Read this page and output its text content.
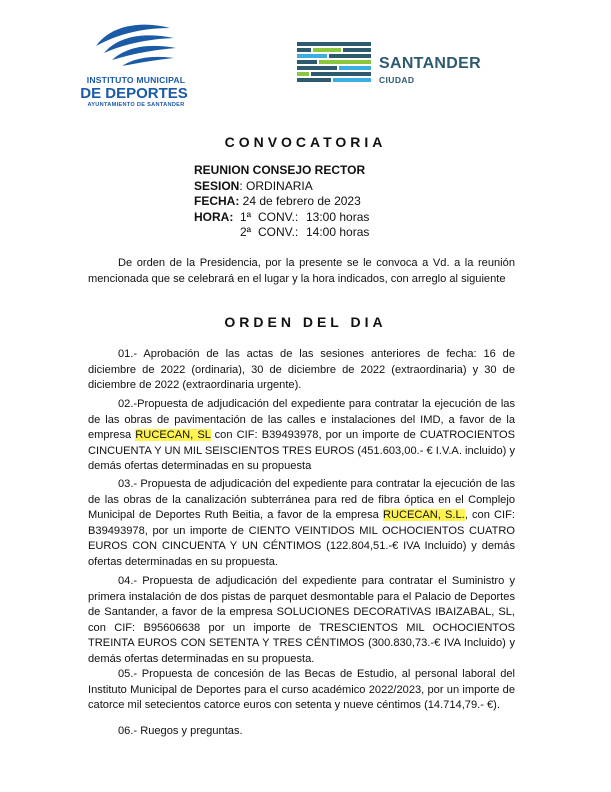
INSTITUTO MUNICIPAL
DE DEPORTES
AYUNTAMIENTO DE SANTANDER
SANTANDER
CIUDAD
CONVOCATORIA
REUNION CONSEJO RECTOR
SESION: ORDINARIA
FECHA: 24 de febrero de 2023
HORA: 1ª CONV.: 13:00 horas
2ª CONV.: 14:00 horas
De orden de la Presidencia, por la presente se le convoca a Vd. a la reunión mencionada que se celebrará en el lugar y la hora indicados, con arreglo al siguiente
ORDEN DEL DIA
01.- Aprobación de las actas de las sesiones anteriores de fecha: 16 de diciembre de 2022 (ordinaria), 30 de diciembre de 2022 (extraordinaria) y 30 de diciembre de 2022 (extraordinaria urgente).
02.-Propuesta de adjudicación del expediente para contratar la ejecución de las de las obras de pavimentación de las calles e instalaciones del IMD, a favor de la empresa RUCECAN, SL con CIF: B39493978, por un importe de CUATROCIENTOS CINCUENTA Y UN MIL SEISCIENTOS TRES EUROS (451.603,00.- € I.V.A. incluido) y demás ofertas determinadas en su propuesta
03.- Propuesta de adjudicación del expediente para contratar la ejecución de las de las obras de la canalización subterránea para red de fibra óptica en el Complejo Municipal de Deportes Ruth Beitia, a favor de la empresa RUCECAN, S.L., con CIF: B39493978, por un importe de CIENTO VEINTIDOS MIL OCHOCIENTOS CUATRO EUROS CON CINCUENTA Y UN CÉNTIMOS (122.804,51.-€ IVA Incluido) y demás ofertas determinadas en su propuesta.
04.- Propuesta de adjudicación del expediente para contratar el Suministro y primera instalación de dos pistas de parquet desmontable para el Palacio de Deportes de Santander, a favor de la empresa SOLUCIONES DECORATIVAS IBAIZABAL, SL, con CIF: B95606638 por un importe de TRESCIENTOS MIL OCHOCIENTOS TREINTA EUROS CON SETENTA Y TRES CÉNTIMOS (300.830,73.-€ IVA Incluido) y demás ofertas determinadas en su propuesta.
05.- Propuesta de concesión de las Becas de Estudio, al personal laboral del Instituto Municipal de Deportes para el curso académico 2022/2023, por un importe de catorce mil setecientos catorce euros con setenta y nueve céntimos (14.714,79.- €).
06.- Ruegos y preguntas.
